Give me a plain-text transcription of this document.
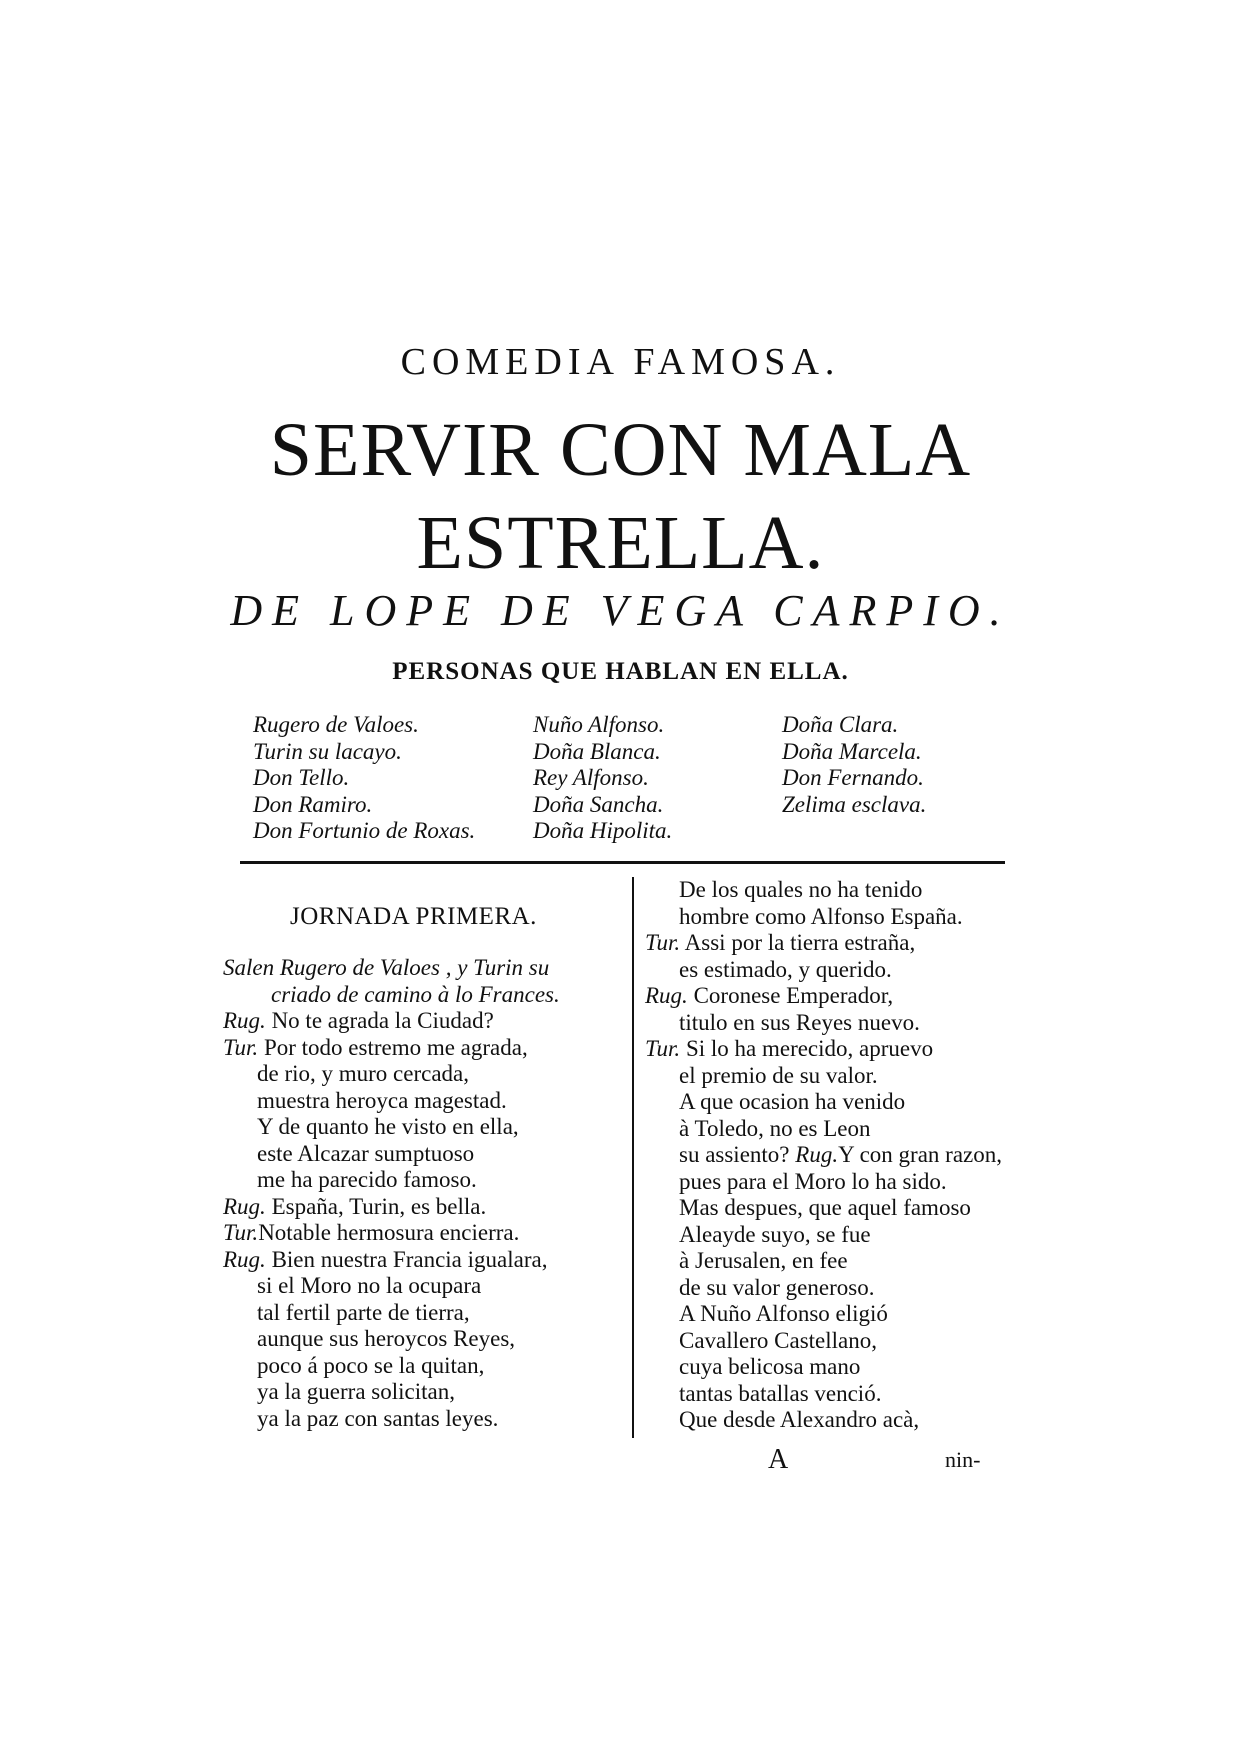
COMEDIA FAMOSA.
SERVIR CON MALA
ESTRELLA.
DE LOPE DE VEGA CARPIO.
PERSONAS QUE HABLAN EN ELLA.
Rugero de Valoes.
Turin su lacayo.
Don Tello.
Don Ramiro.
Don Fortunio de Roxas.
Nuño Alfonso.
Doña Blanca.
Rey Alfonso.
Doña Sancha.
Doña Hipolita.
Doña Clara.
Doña Marcela.
Don Fernando.
Zelima esclava.
JORNADA PRIMERA.
Salen Rugero de Valoes , y Turin su
criado de camino à lo Frances.
Rug. No te agrada la Ciudad?
Tur. Por todo estremo me agrada,
de rio, y muro cercada,
muestra heroyca magestad.
Y de quanto he visto en ella,
este Alcazar sumptuoso
me ha parecido famoso.
Rug. España, Turin, es bella.
Tur.Notable hermosura encierra.
Rug. Bien nuestra Francia igualara,
si el Moro no la ocupara
tal fertil parte de tierra,
aunque sus heroycos Reyes,
poco á poco se la quitan,
ya la guerra solicitan,
ya la paz con santas leyes.
De los quales no ha tenido
hombre como Alfonso España.
Tur. Assi por la tierra estraña,
es estimado, y querido.
Rug. Coronese Emperador,
titulo en sus Reyes nuevo.
Tur. Si lo ha merecido, apruevo
el premio de su valor.
A que ocasion ha venido
à Toledo, no es Leon
su assiento? Rug.Y con gran razon,
pues para el Moro lo ha sido.
Mas despues, que aquel famoso
Aleayde suyo, se fue
à Jerusalen, en fee
de su valor generoso.
A Nuño Alfonso eligió
Cavallero Castellano,
cuya belicosa mano
tantas batallas venció.
Que desde Alexandro acà,
A	nin-
